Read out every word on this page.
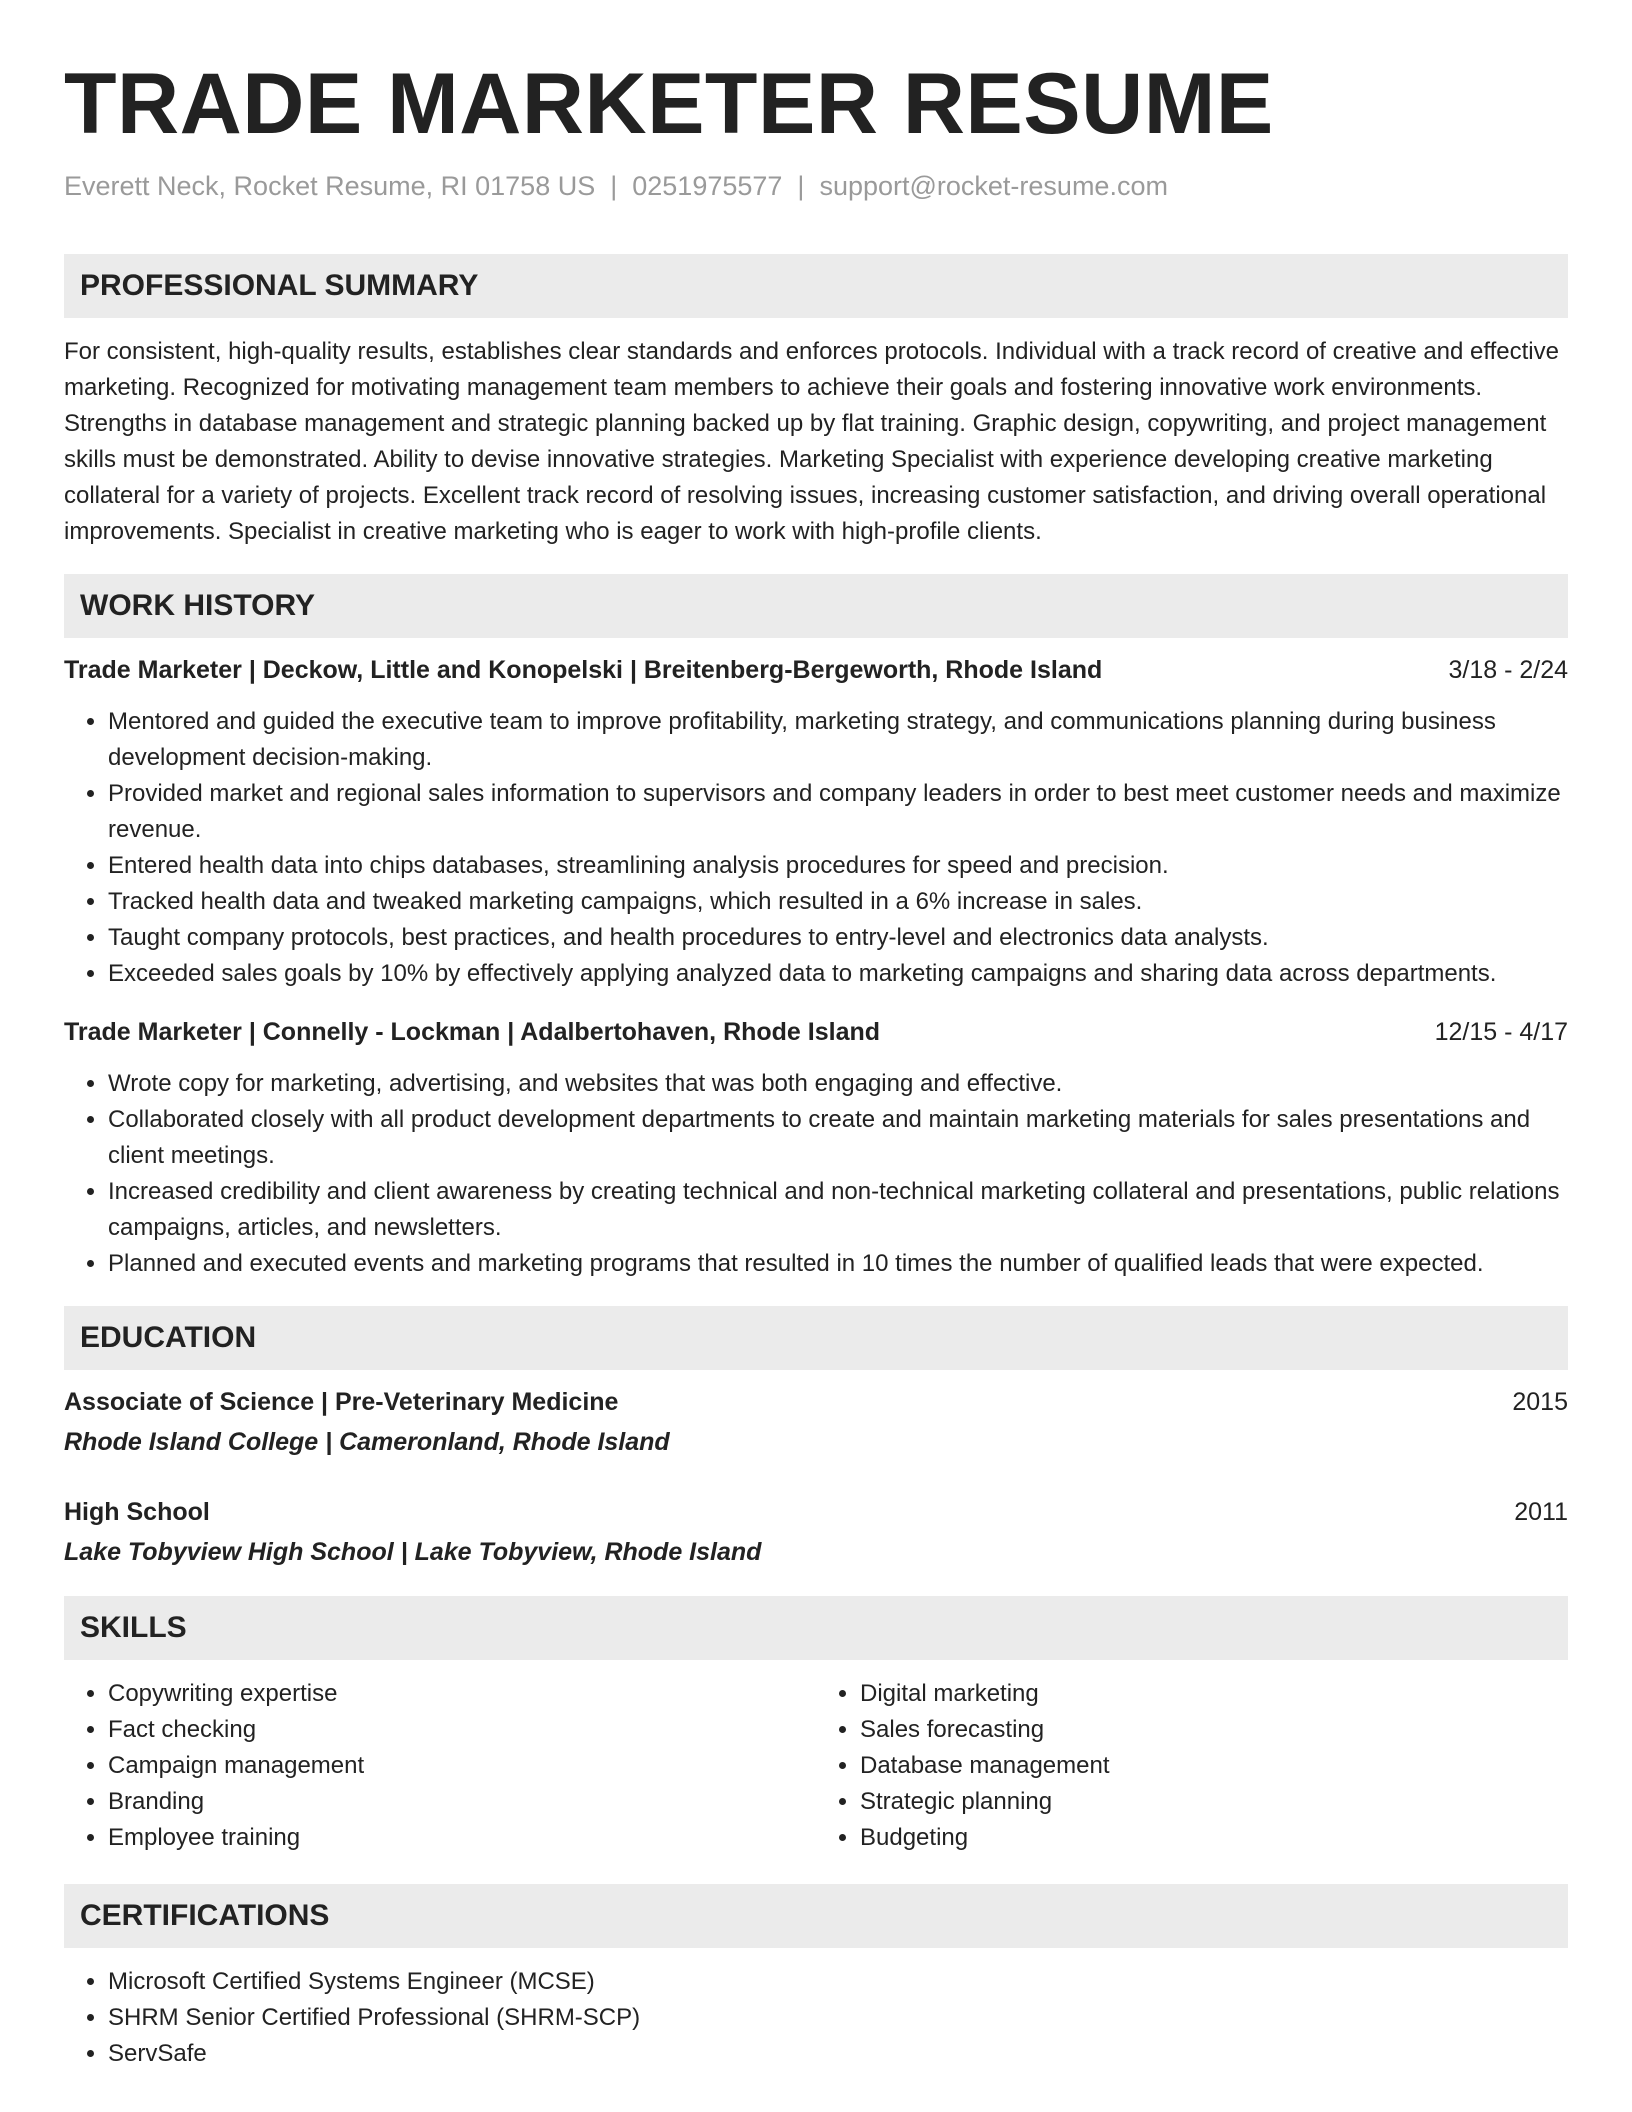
TRADE MARKETER RESUME
Everett Neck, Rocket Resume, RI 01758 US | 0251975577 | support@rocket-resume.com
PROFESSIONAL SUMMARY

For consistent, high-quality results, establishes clear standards and enforces protocols. Individual with a track record of creative and effective marketing. Recognized for motivating management team members to achieve their goals and fostering innovative work environments. Strengths in database management and strategic planning backed up by flat training. Graphic design, copywriting, and project management skills must be demonstrated. Ability to devise innovative strategies. Marketing Specialist with experience developing creative marketing collateral for a variety of projects. Excellent track record of resolving issues, increasing customer satisfaction, and driving overall operational improvements. Specialist in creative marketing who is eager to work with high-profile clients.

WORK HISTORY
Trade Marketer | Deckow, Little and Konopelski | Breitenberg-Bergeworth, Rhode Island	3/18 - 2/24
• Mentored and guided the executive team to improve profitability, marketing strategy, and communications planning during business development decision-making.
• Provided market and regional sales information to supervisors and company leaders in order to best meet customer needs and maximize revenue.
• Entered health data into chips databases, streamlining analysis procedures for speed and precision.
• Tracked health data and tweaked marketing campaigns, which resulted in a 6% increase in sales.
• Taught company protocols, best practices, and health procedures to entry-level and electronics data analysts.
• Exceeded sales goals by 10% by effectively applying analyzed data to marketing campaigns and sharing data across departments.
Trade Marketer | Connelly - Lockman | Adalbertohaven, Rhode Island	12/15 - 4/17
• Wrote copy for marketing, advertising, and websites that was both engaging and effective.
• Collaborated closely with all product development departments to create and maintain marketing materials for sales presentations and client meetings.
• Increased credibility and client awareness by creating technical and non-technical marketing collateral and presentations, public relations campaigns, articles, and newsletters.
• Planned and executed events and marketing programs that resulted in 10 times the number of qualified leads that were expected.
EDUCATION
Associate of Science | Pre-Veterinary Medicine	2015
Rhode Island College | Cameronland, Rhode Island
High School	2011
Lake Tobyview High School | Lake Tobyview, Rhode Island
SKILLS
• Copywriting expertise
• Fact checking
• Campaign management
• Branding
• Employee training
• Digital marketing
• Sales forecasting
• Database management
• Strategic planning
• Budgeting
CERTIFICATIONS
• Microsoft Certified Systems Engineer (MCSE)
• SHRM Senior Certified Professional (SHRM-SCP)
• ServSafe
